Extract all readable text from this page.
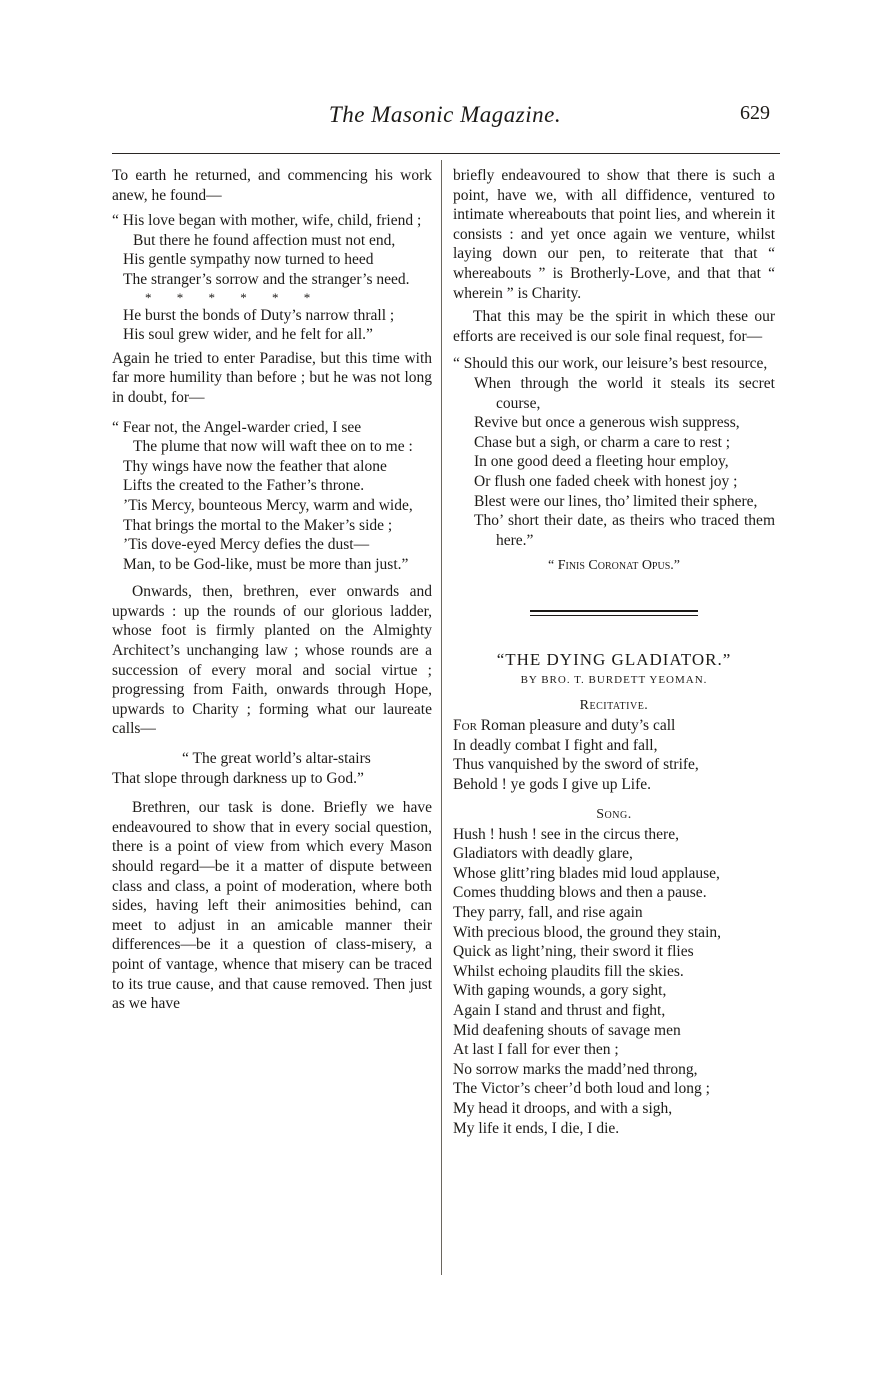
The Masonic Magazine.	629

To earth he returned, and commencing his work anew, he found—

“ His love began with mother, wife, child, friend ;

But there he found affection must not end,

His gentle sympathy now turned to heed

The stranger’s sorrow and the stranger’s need.

* * * * * *

He burst the bonds of Duty’s narrow thrall ;

His soul grew wider, and he felt for all.”

Again he tried to enter Paradise, but this time with far more humility than before ; but he was not long in doubt, for—

“ Fear not, the Angel-warder cried, I see

The plume that now will waft thee on to me :

Thy wings have now the feather that alone

Lifts the created to the Father’s throne.

’Tis Mercy, bounteous Mercy, warm and wide,

That brings the mortal to the Maker’s side ;

’Tis dove-eyed Mercy defies the dust—

Man, to be God-like, must be more than just.”

Onwards, then, brethren, ever onwards and upwards : up the rounds of our glorious ladder, whose foot is firmly planted on the Almighty Architect’s unchanging law ; whose rounds are a succession of every moral and social virtue ; progressing from Faith, onwards through Hope, upwards to Charity ; forming what our laureate calls—

“ The great world’s altar-stairs

That slope through darkness up to God.”

Brethren, our task is done. Briefly we have endeavoured to show that in every social question, there is a point of view from which every Mason should regard—be it a matter of dispute between class and class, a point of moderation, where both sides, having left their animosities behind, can meet to adjust in an amicable manner their differences—be it a question of class-misery, a point of vantage, whence that misery can be traced to its true cause, and that cause removed. Then just as we have

briefly endeavoured to show that there is such a point, have we, with all diffidence, ventured to intimate whereabouts that point lies, and wherein it consists : and yet once again we venture, whilst laying down our pen, to reiterate that that “ whereabouts ” is Brotherly-Love, and that that “ wherein ” is Charity.

That this may be the spirit in which these our efforts are received is our sole final request, for—

“ Should this our work, our leisure’s best resource,

When through the world it steals its secret course,

Revive but once a generous wish suppress,

Chase but a sigh, or charm a care to rest ;

In one good deed a fleeting hour employ,

Or flush one faded cheek with honest joy ;

Blest were our lines, tho’ limited their sphere,

Tho’ short their date, as theirs who traced them here.”

“ Finis Coronat Opus.”

“THE DYING GLADIATOR.”

BY BRO. T. BURDETT YEOMAN.

Recitative.

For Roman pleasure and duty’s call

In deadly combat I fight and fall,

Thus vanquished by the sword of strife,

Behold ! ye gods I give up Life.

Song.

Hush ! hush ! see in the circus there,

Gladiators with deadly glare,

Whose glitt’ring blades mid loud applause,

Comes thudding blows and then a pause.

They parry, fall, and rise again

With precious blood, the ground they stain,

Quick as light’ning, their sword it flies

Whilst echoing plaudits fill the skies.

With gaping wounds, a gory sight,

Again I stand and thrust and fight,

Mid deafening shouts of savage men

At last I fall for ever then ;

No sorrow marks the madd’ned throng,

The Victor’s cheer’d both loud and long ;

My head it droops, and with a sigh,

My life it ends, I die, I die.
